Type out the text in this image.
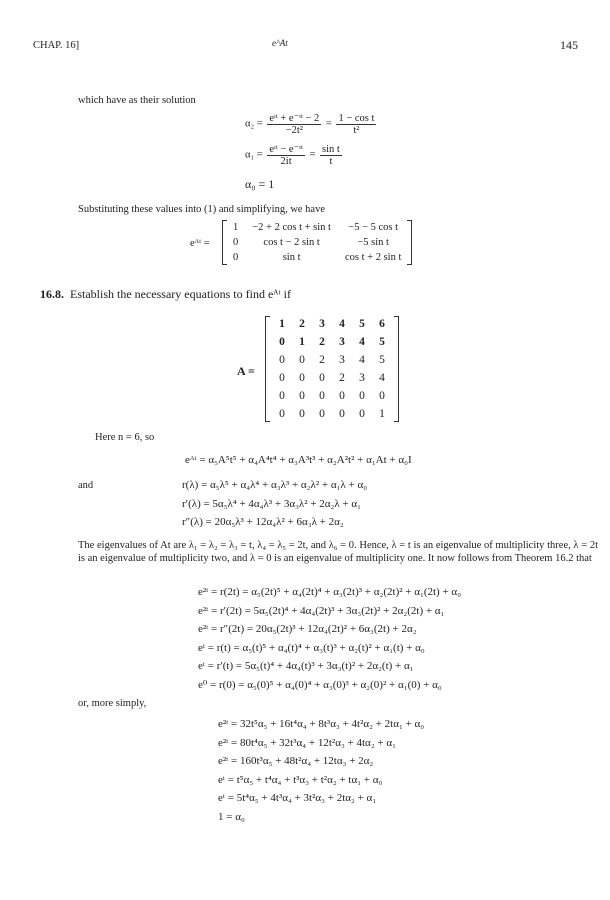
CHAP. 16]	e^At	145
which have as their solution
$\alpha_2 = \frac{\text{eᶦᵗ + e⁻ᶦᵗ − 2}}{\text{−2t²}} = \frac{\text{1 − cos t}}{\text{t²}}$
$\alpha_1 = \frac{\text{eᶦᵗ − e⁻ᶦᵗ}}{2it} = \frac{\text{sin t}}{t}$
α₀ = 1
Substituting these values into (1) and simplifying, we have
eᴬᵗ =
1 −2 + 2 cos t + sin t	−5 − 5 cos t
0	cos t − 2 sin t	−5 sin t
0	sin t	cos t + 2 sin t
16.8. Establish the necessary equations to find eᴬᵗ if
A =
1 2 3 4 5 6
0 1 2 3 4 5
0 0 2 3 4 5
0 0 0 2 3 4
0 0 0 0 0 0
0 0 0 0 0 1
Here n = 6, so
eᴬᵗ = α₅A⁵t⁵ + α₄A⁴t⁴ + α₃A³t³ + α₂A²t² + α₁At + α₀I
and	r(λ) = α₅λ⁵ + α₄λ⁴ + α₃λ³ + α₂λ² + α₁λ + α₀
r′(λ) = 5α₅λ⁴ + 4α₄λ³ + 3α₃λ² + 2α₂λ + α₁
r″(λ) = 20α₅λ³ + 12α₄λ² + 6α₃λ + 2α₂
The eigenvalues of At are λ₁ = λ₂ = λ₃ = t, λ₄ = λ₅ = 2t, and λ₆ = 0. Hence, λ = t is an eigenvalue of multiplicity three, λ = 2t is an eigenvalue of multiplicity two, and λ = 0 is an eigenvalue of multiplicity one. It now follows from Theorem 16.2 that
e²ᵗ = r(2t) = α₅(2t)⁵ + α₄(2t)⁴ + α₃(2t)³ + α₂(2t)² + α₁(2t) + α₀
e²ᵗ = r′(2t) = 5α₅(2t)⁴ + 4α₄(2t)³ + 3α₃(2t)² + 2α₂(2t) + α₁
e²ᵗ = r″(2t) = 20α₅(2t)³ + 12α₄(2t)² + 6α₃(2t) + 2α₂
eᵗ = r(t) = α₅(t)⁵ + α₄(t)⁴ + α₃(t)³ + α₂(t)² + α₁(t) + α₀
eᵗ = r′(t) = 5α₅(t)⁴ + 4α₄(t)³ + 3α₃(t)² + 2α₂(t) + α₁
e⁰ = r(0) = α₅(0)⁵ + α₄(0)⁴ + α₃(0)³ + α₂(0)² + α₁(0) + α₀
or, more simply,
e²ᵗ = 32t⁵α₅ + 16t⁴α₄ + 8t³α₃ + 4t²α₂ + 2tα₁ + α₀
e²ᵗ = 80t⁴α₅ + 32t³α₄ + 12t²α₃ + 4tα₂ + α₁
e²ᵗ = 160t³α₅ + 48t²α₄ + 12tα₃ + 2α₂
eᵗ = t⁵α₅ + t⁴α₄ + t³α₃ + t²α₂ + tα₁ + α₀
eᵗ = 5t⁴α₅ + 4t³α₄ + 3t²α₃ + 2tα₂ + α₁
1 = α₀
